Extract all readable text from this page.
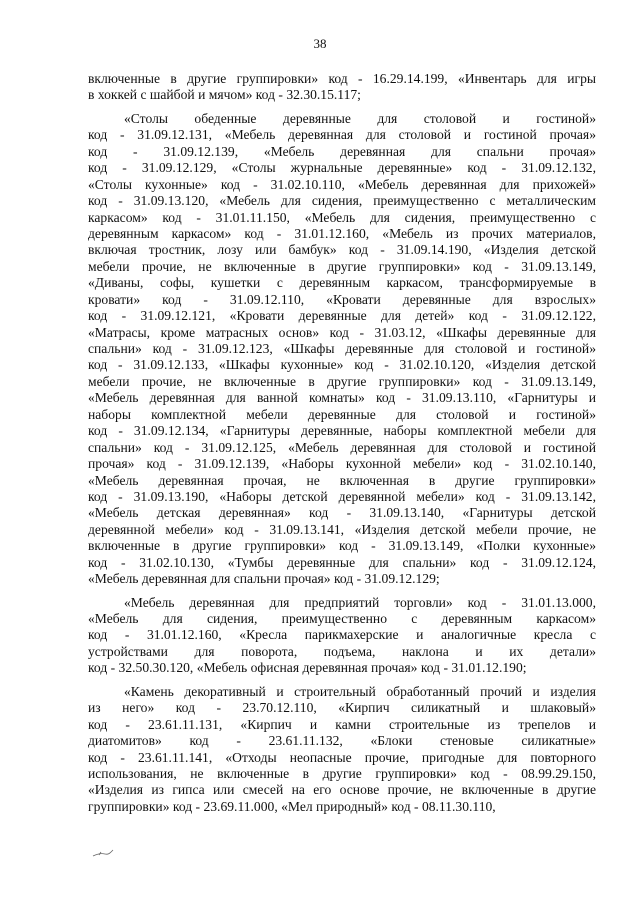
38
включенные в другие группировки» код - 16.29.14.199, «Инвентарь для игры
в хоккей с шайбой и мячом» код - 32.30.15.117;
«Столы обеденные деревянные для столовой и гостиной»
код - 31.09.12.131, «Мебель деревянная для столовой и гостиной прочая»
код - 31.09.12.139, «Мебель деревянная для спальни прочая»
код - 31.09.12.129, «Столы журнальные деревянные» код - 31.09.12.132,
«Столы кухонные» код - 31.02.10.110, «Мебель деревянная для прихожей»
код - 31.09.13.120, «Мебель для сидения, преимущественно с металлическим
каркасом» код - 31.01.11.150, «Мебель для сидения, преимущественно с
деревянным каркасом» код - 31.01.12.160, «Мебель из прочих материалов,
включая тростник, лозу или бамбук» код - 31.09.14.190, «Изделия детской
мебели прочие, не включенные в другие группировки» код - 31.09.13.149,
«Диваны, софы, кушетки с деревянным каркасом, трансформируемые в
кровати» код - 31.09.12.110, «Кровати деревянные для взрослых»
код - 31.09.12.121, «Кровати деревянные для детей» код - 31.09.12.122,
«Матрасы, кроме матрасных основ» код - 31.03.12, «Шкафы деревянные для
спальни» код - 31.09.12.123, «Шкафы деревянные для столовой и гостиной»
код - 31.09.12.133, «Шкафы кухонные» код - 31.02.10.120, «Изделия детской
мебели прочие, не включенные в другие группировки» код - 31.09.13.149,
«Мебель деревянная для ванной комнаты» код - 31.09.13.110, «Гарнитуры и
наборы комплектной мебели деревянные для столовой и гостиной»
код - 31.09.12.134, «Гарнитуры деревянные, наборы комплектной мебели для
спальни» код - 31.09.12.125, «Мебель деревянная для столовой и гостиной
прочая» код - 31.09.12.139, «Наборы кухонной мебели» код - 31.02.10.140,
«Мебель деревянная прочая, не включенная в другие группировки»
код - 31.09.13.190, «Наборы детской деревянной мебели» код - 31.09.13.142,
«Мебель детская деревянная» код - 31.09.13.140, «Гарнитуры детской
деревянной мебели» код - 31.09.13.141, «Изделия детской мебели прочие, не
включенные в другие группировки» код - 31.09.13.149, «Полки кухонные»
код - 31.02.10.130, «Тумбы деревянные для спальни» код - 31.09.12.124,
«Мебель деревянная для спальни прочая» код - 31.09.12.129;
«Мебель деревянная для предприятий торговли» код - 31.01.13.000,
«Мебель для сидения, преимущественно с деревянным каркасом»
код - 31.01.12.160, «Кресла парикмахерские и аналогичные кресла с
устройствами для поворота, подъема, наклона и их детали»
код - 32.50.30.120, «Мебель офисная деревянная прочая» код - 31.01.12.190;
«Камень декоративный и строительный обработанный прочий и изделия
из него» код - 23.70.12.110, «Кирпич силикатный и шлаковый»
код - 23.61.11.131, «Кирпич и камни строительные из трепелов и
диатомитов» код - 23.61.11.132, «Блоки стеновые силикатные»
код - 23.61.11.141, «Отходы неопасные прочие, пригодные для повторного
использования, не включенные в другие группировки» код - 08.99.29.150,
«Изделия из гипса или смесей на его основе прочие, не включенные в другие
группировки» код - 23.69.11.000, «Мел природный» код - 08.11.30.110,
